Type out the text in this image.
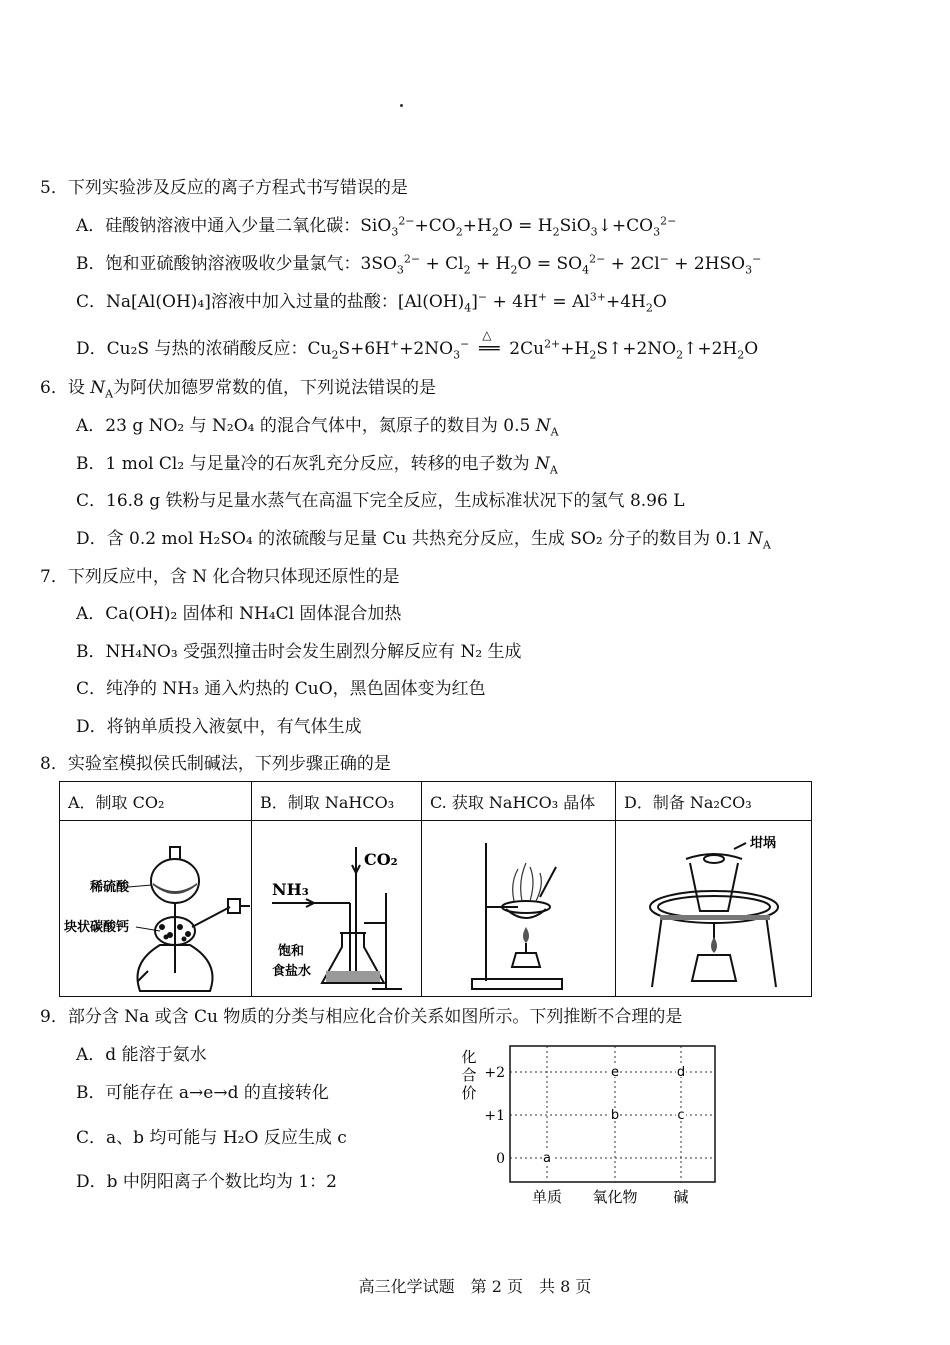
5．下列实验涉及反应的离子方程式书写错误的是
A．硅酸钠溶液中通入少量二氧化碳：$SiO_3^{2-}+CO_2+H_2O$ = $H_2SiO_3↓+CO_3^{2-}$
B．饱和亚硫酸钠溶液吸收少量氯气：$3SO_3^{2-} + Cl_2 + H_2O = SO_4^{2-} + 2Cl^- + 2HSO_3^-$
C．Na[Al(OH)₄]溶液中加入过量的盐酸：$[Al(OH)_4]^- + 4H^+ = Al^{3+}+4H_2O$
D．Cu₂S 与热的浓硝酸反应：$Cu_2S+6H^++2NO_3^-$
△
══ $2Cu^{2+}+H_2S↑+2NO_2↑+2H_2O$
6．设 $N_A$为阿伏加德罗常数的值，下列说法错误的是
A．23 g NO₂ 与 N₂O₄ 的混合气体中，氮原子的数目为 0.5 $N_A$
B．1 mol Cl₂ 与足量冷的石灰乳充分反应，转移的电子数为 $N_A$
C．16.8 g 铁粉与足量水蒸气在高温下完全反应，生成标准状况下的氢气 8.96 L
D．含 0.2 mol H₂SO₄ 的浓硫酸与足量 Cu 共热充分反应，生成 SO₂ 分子的数目为 0.1 $N_A$
7．下列反应中，含 N 化合物只体现还原性的是
A．Ca(OH)₂ 固体和 NH₄Cl 固体混合加热
B．NH₄NO₃ 受强烈撞击时会发生剧烈分解反应有 N₂ 生成
C．纯净的 NH₃ 通入灼热的 CuO，黑色固体变为红色
D．将钠单质投入液氨中，有气体生成
8．实验室模拟侯氏制碱法，下列步骤正确的是
A．制取 CO₂	B．制取 NaHCO₃	C. 获取 NaHCO₃ 晶体	D．制备 Na₂CO₃

稀硫酸
块状碳酸钙	NH₃
CO₂
饱和
食盐水		坩埚
9．部分含 Na 或含 Cu 物质的分类与相应化合价关系如图所示。下列推断不合理的是
A．d 能溶于氨水
B．可能存在 a→e→d 的直接转化
C．a、b 均可能与 H₂O 反应生成 c
D．b 中阴阳离子个数比均为 1：2
化
合
价
+2
+1
0
单质 氧化物 碱
a
b
e
c
d
高三化学试题　第 2 页　共 8 页
